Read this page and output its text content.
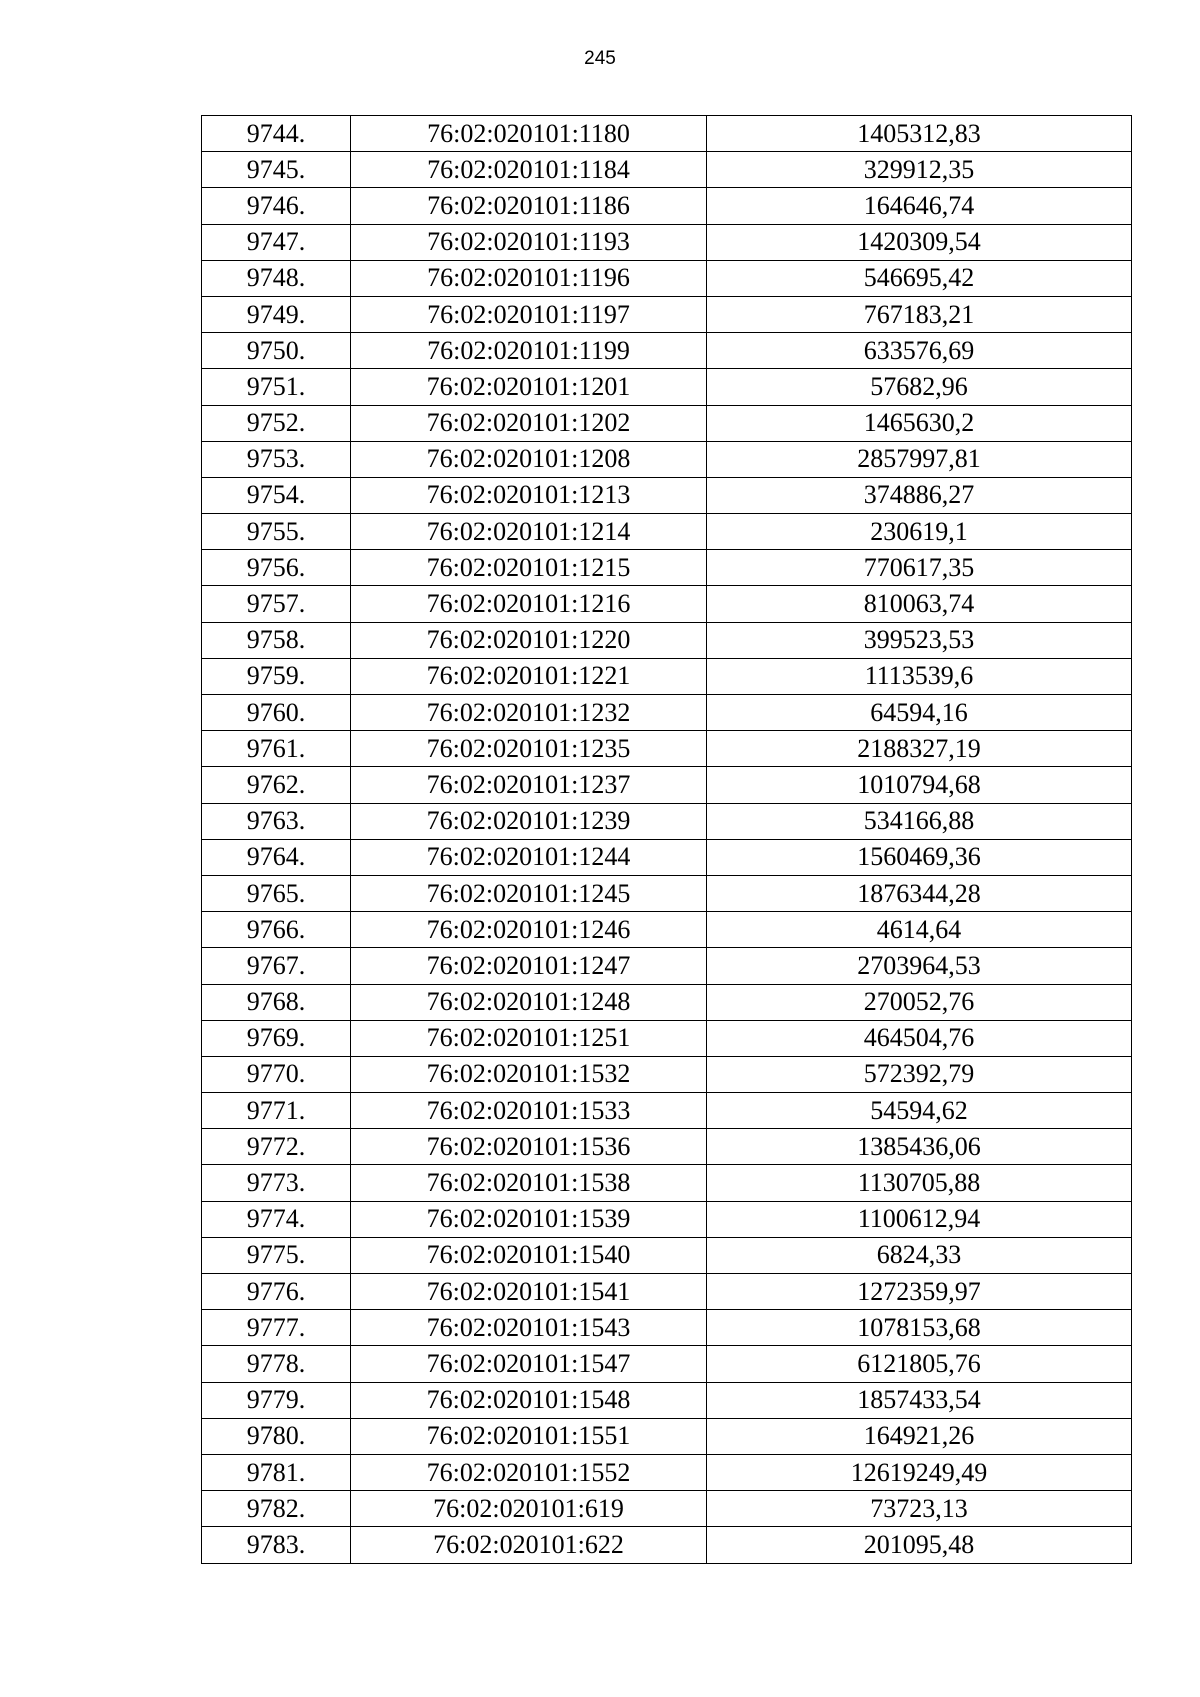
245
9744.	76:02:020101:1180	1405312,83
9745.	76:02:020101:1184	329912,35
9746.	76:02:020101:1186	164646,74
9747.	76:02:020101:1193	1420309,54
9748.	76:02:020101:1196	546695,42
9749.	76:02:020101:1197	767183,21
9750.	76:02:020101:1199	633576,69
9751.	76:02:020101:1201	57682,96
9752.	76:02:020101:1202	1465630,2
9753.	76:02:020101:1208	2857997,81
9754.	76:02:020101:1213	374886,27
9755.	76:02:020101:1214	230619,1
9756.	76:02:020101:1215	770617,35
9757.	76:02:020101:1216	810063,74
9758.	76:02:020101:1220	399523,53
9759.	76:02:020101:1221	1113539,6
9760.	76:02:020101:1232	64594,16
9761.	76:02:020101:1235	2188327,19
9762.	76:02:020101:1237	1010794,68
9763.	76:02:020101:1239	534166,88
9764.	76:02:020101:1244	1560469,36
9765.	76:02:020101:1245	1876344,28
9766.	76:02:020101:1246	4614,64
9767.	76:02:020101:1247	2703964,53
9768.	76:02:020101:1248	270052,76
9769.	76:02:020101:1251	464504,76
9770.	76:02:020101:1532	572392,79
9771.	76:02:020101:1533	54594,62
9772.	76:02:020101:1536	1385436,06
9773.	76:02:020101:1538	1130705,88
9774.	76:02:020101:1539	1100612,94
9775.	76:02:020101:1540	6824,33
9776.	76:02:020101:1541	1272359,97
9777.	76:02:020101:1543	1078153,68
9778.	76:02:020101:1547	6121805,76
9779.	76:02:020101:1548	1857433,54
9780.	76:02:020101:1551	164921,26
9781.	76:02:020101:1552	12619249,49
9782.	76:02:020101:619	73723,13
9783.	76:02:020101:622	201095,48
